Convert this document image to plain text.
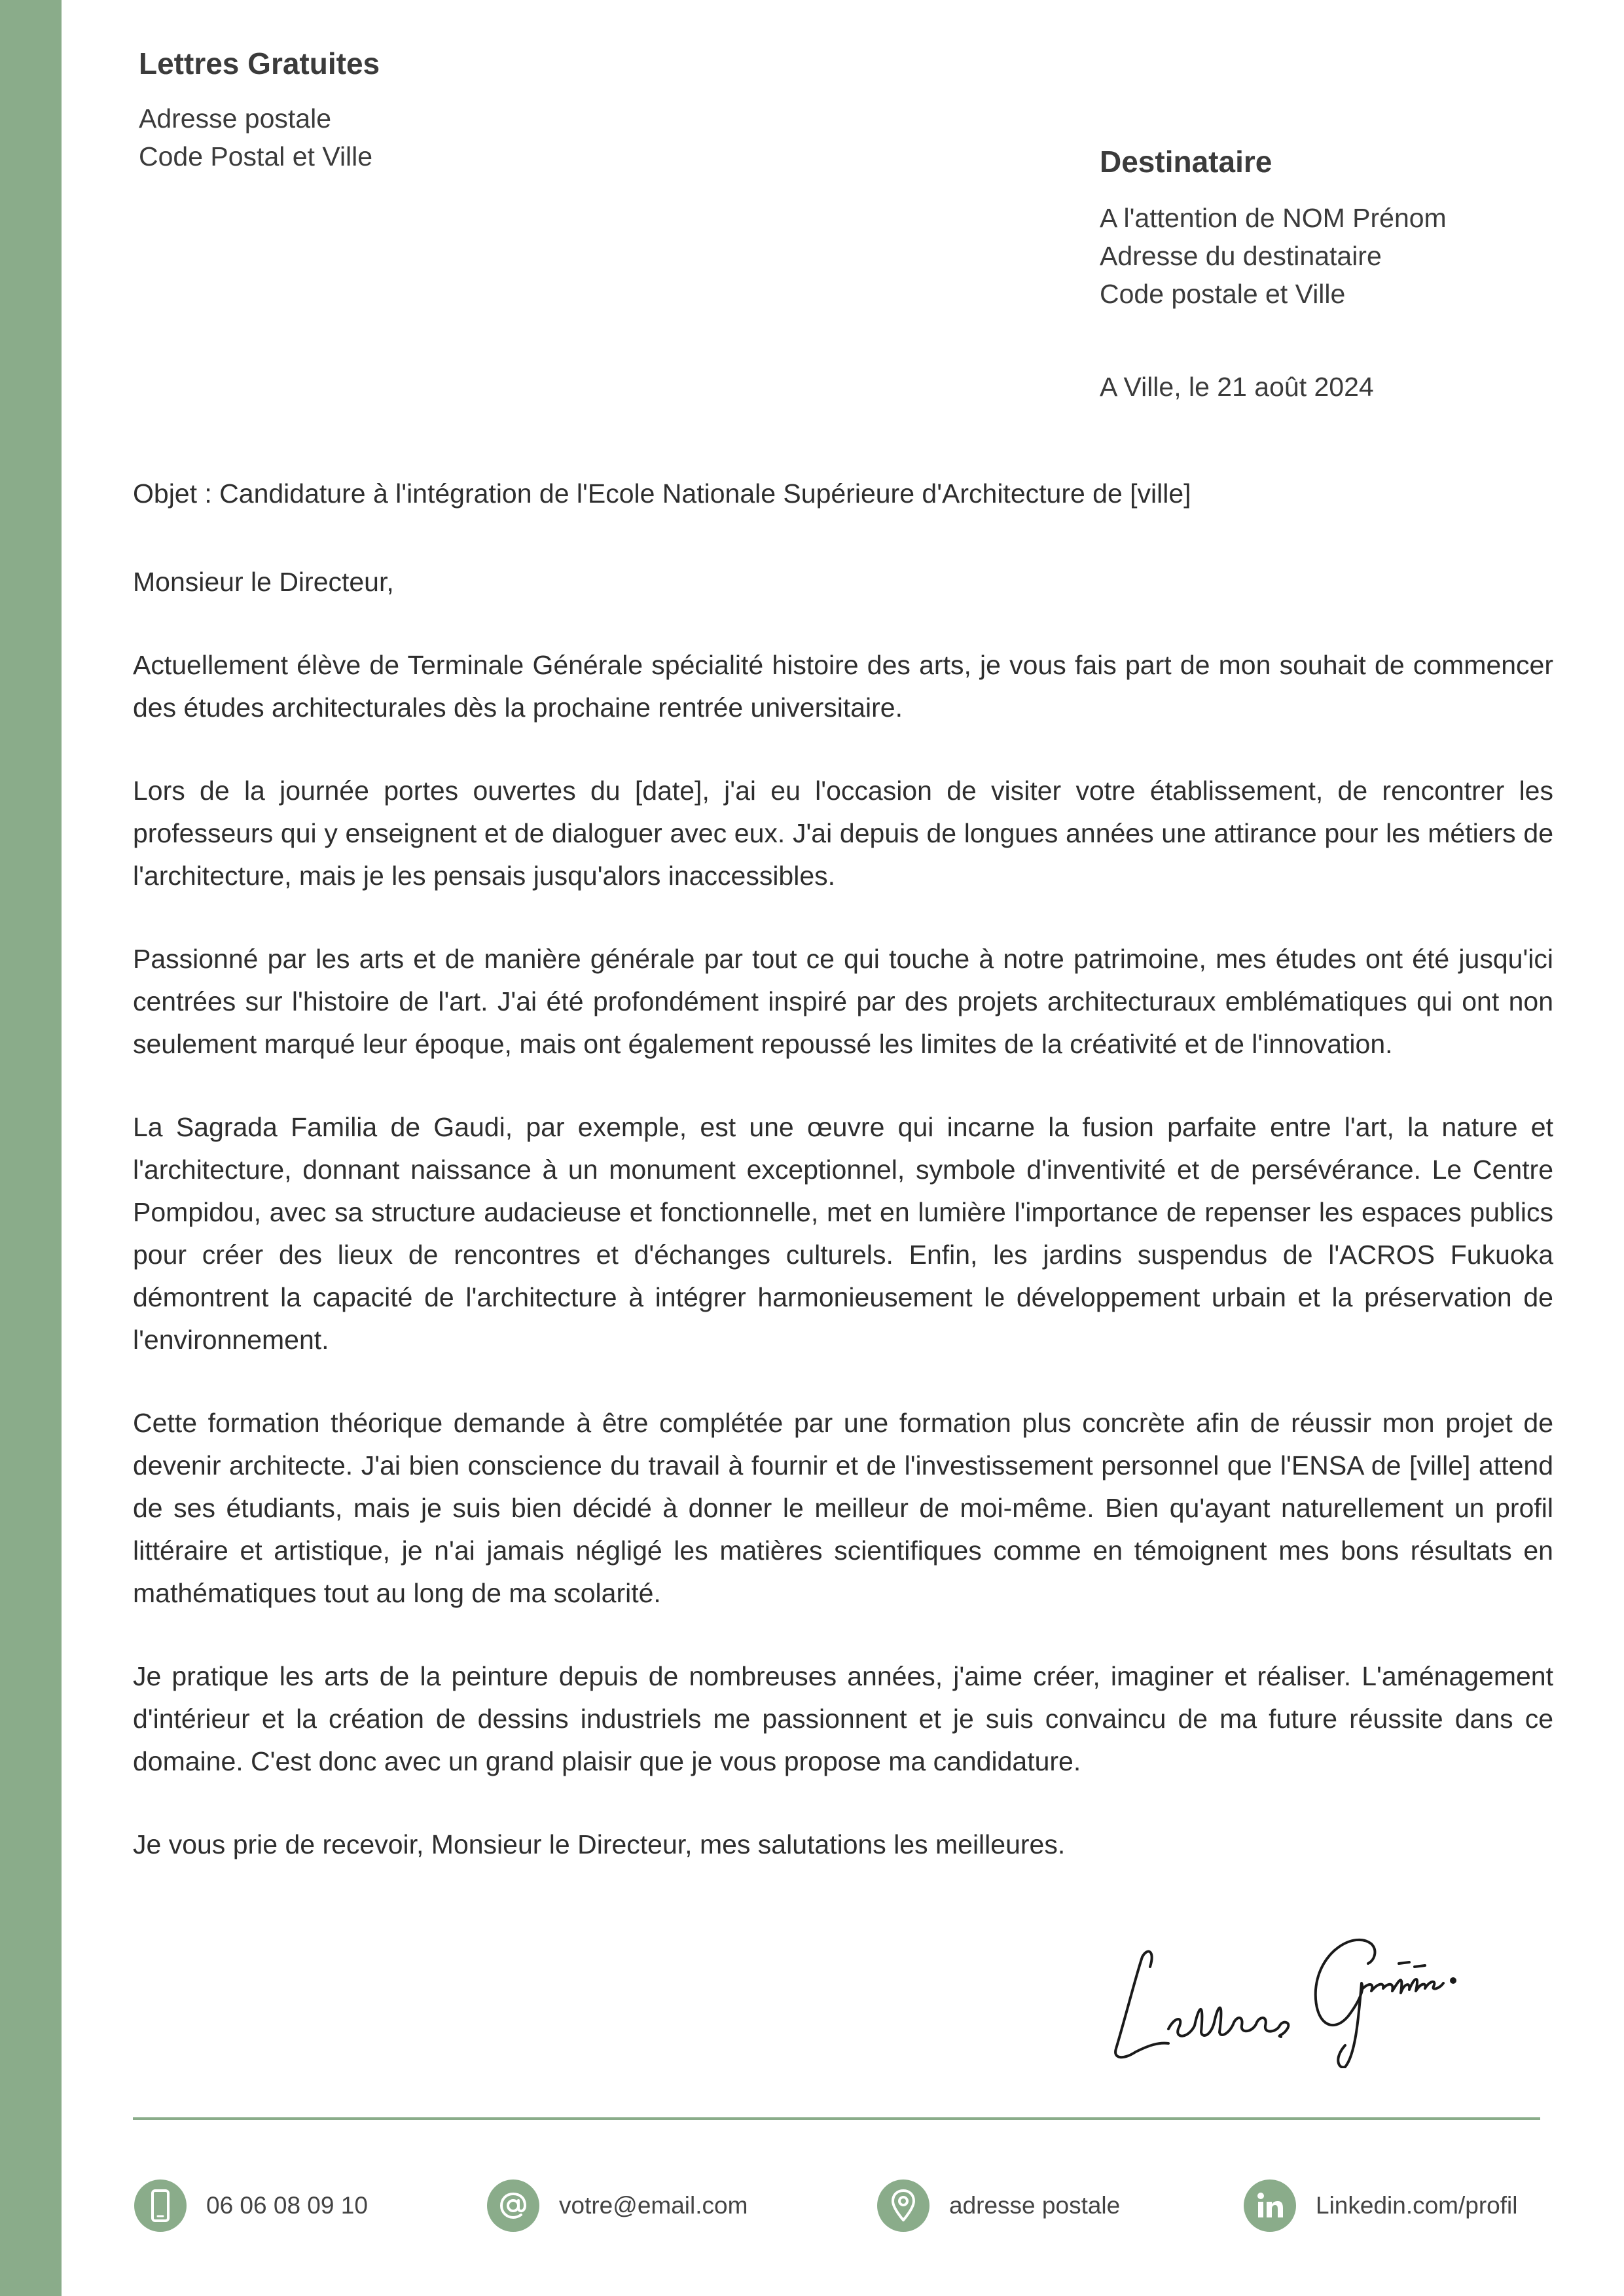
Lettres Gratuites
Adresse postale
Code Postal et Ville	Destinataire
A l'attention de NOM Prénom
Adresse du destinataire
Code postale et Ville
A Ville, le 21 août 2024

Objet : Candidature à l'intégration de l'Ecole Nationale Supérieure d'Architecture de [ville]

Monsieur le Directeur,

Actuellement élève de Terminale Générale spécialité histoire des arts, je vous fais part de mon souhait de commencer des études architecturales dès la prochaine rentrée universitaire.

Lors de la journée portes ouvertes du [date], j'ai eu l'occasion de visiter votre établissement, de rencontrer les professeurs qui y enseignent et de dialoguer avec eux. J'ai depuis de longues années une attirance pour les métiers de l'architecture, mais je les pensais jusqu'alors inaccessibles.

Passionné par les arts et de manière générale par tout ce qui touche à notre patrimoine, mes études ont été jusqu'ici centrées sur l'histoire de l'art. J'ai été profondément inspiré par des projets architecturaux emblématiques qui ont non seulement marqué leur époque, mais ont également repoussé les limites de la créativité et de l'innovation.

La Sagrada Familia de Gaudi, par exemple, est une œuvre qui incarne la fusion parfaite entre l'art, la nature et l'architecture, donnant naissance à un monument exceptionnel, symbole d'inventivité et de persévérance. Le Centre Pompidou, avec sa structure audacieuse et fonctionnelle, met en lumière l'importance de repenser les espaces publics pour créer des lieux de rencontres et d'échanges culturels. Enfin, les jardins suspendus de l'ACROS Fukuoka démontrent la capacité de l'architecture à intégrer harmonieusement le développement urbain et la préservation de l'environnement.

Cette formation théorique demande à être complétée par une formation plus concrète afin de réussir mon projet de devenir architecte. J'ai bien conscience du travail à fournir et de l'investissement personnel que l'ENSA de [ville] attend de ses étudiants, mais je suis bien décidé à donner le meilleur de moi-même. Bien qu'ayant naturellement un profil littéraire et artistique, je n'ai jamais négligé les matières scientifiques comme en témoignent mes bons résultats en mathématiques tout au long de ma scolarité.

Je pratique les arts de la peinture depuis de nombreuses années, j'aime créer, imaginer et réaliser. L'aménagement d'intérieur et la création de dessins industriels me passionnent et je suis convaincu de ma future réussite dans ce domaine. C'est donc avec un grand plaisir que je vous propose ma candidature.

Je vous prie de recevoir, Monsieur le Directeur, mes salutations les meilleures.

06 06 08 09 10	votre@email.com	adresse postale	Linkedin.com/profil
